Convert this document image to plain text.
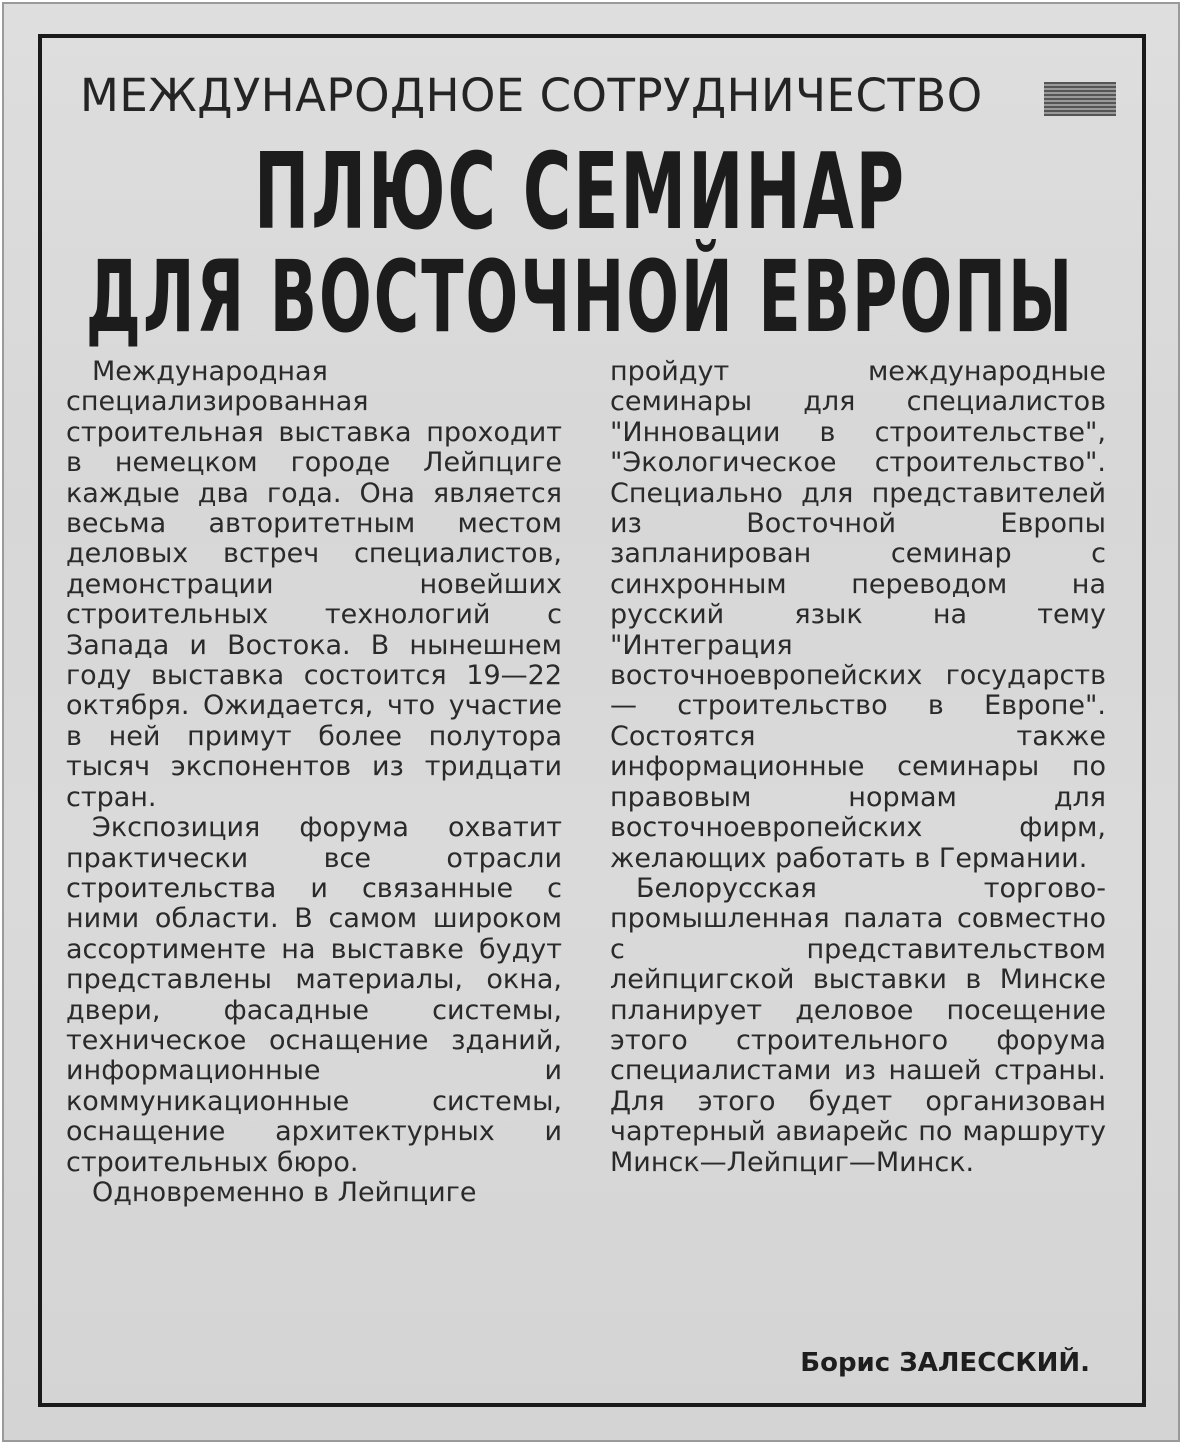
МЕЖДУНАРОДНОЕ СОТРУДНИЧЕСТВО
ПЛЮС СЕМИНАР
ДЛЯ ВОСТОЧНОЙ ЕВРОПЫ

Международная специализированная строительная выставка проходит в немецком городе Лейпциге каждые два года. Она является весьма авторитетным местом деловых встреч специалистов, демонстрации новейших строительных технологий с Запада и Востока. В нынешнем году выставка состоится 19—22 октября. Ожидается, что участие в ней примут более полутора тысяч экспонентов из тридцати стран.

Экспозиция форума охватит практически все отрасли строительства и связанные с ними области. В самом широком ассортименте на выставке будут представлены материалы, окна, двери, фасадные системы, техническое оснащение зданий, информационные и коммуникационные системы, оснащение архитектурных и строительных бюро.

Одновременно в Лейпциге

пройдут международные семинары для специалистов "Инновации в строительстве", "Экологическое строительство". Специально для представителей из Восточной Европы запланирован семинар с синхронным переводом на русский язык на тему "Интеграция восточноевропейских государств — строительство в Европе". Состоятся также информационные семинары по правовым нормам для восточноевропейских фирм, желающих работать в Германии.

Белорусская торгово-промышленная палата совместно с представительством лейпцигской выставки в Минске планирует деловое посещение этого строительного форума специалистами из нашей страны. Для этого будет организован чартерный авиарейс по маршруту Минск—Лейпциг—Минск.

Борис ЗАЛЕССКИЙ.
